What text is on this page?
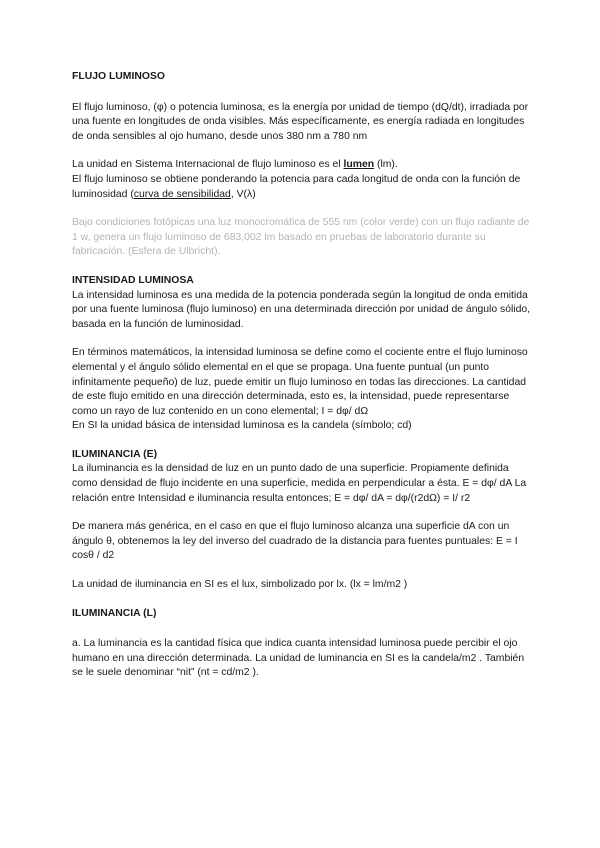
FLUJO LUMINOSO

El flujo luminoso, (φ) o potencia luminosa, es la energía por unidad de tiempo (dQ/dt), irradiada por una fuente en longitudes de onda visibles. Más específicamente, es energía radiada en longitudes de onda sensibles al ojo humano, desde unos 380 nm a 780 nm

La unidad en Sistema Internacional de flujo luminoso es el lumen (lm).

El flujo luminoso se obtiene ponderando la potencia para cada longitud de onda con la función de luminosidad (curva de sensibilidad, V(λ)

Bajo condiciones fotópicas una luz monocromática de 555 nm (color verde) con un flujo radiante de 1 w, genera un flujo luminoso de 683,002 lm basado en pruebas de laboratorio durante su fabricación. (Esfera de Ulbricht).

INTENSIDAD LUMINOSA

La intensidad luminosa es una medida de la potencia ponderada según la longitud de onda emitida por una fuente luminosa (flujo luminoso) en una determinada dirección por unidad de ángulo sólido, basada en la función de luminosidad.

En términos matemáticos, la intensidad luminosa se define como el cociente entre el flujo luminoso elemental y el ángulo sólido elemental en el que se propaga. Una fuente puntual (un punto infinitamente pequeño) de luz, puede emitir un flujo luminoso en todas las direcciones. La cantidad de este flujo emitido en una dirección determinada, esto es, la intensidad, puede representarse como un rayo de luz contenido en un cono elemental; I = dφ/ dΩ

En SI la unidad básica de intensidad luminosa es la candela (símbolo; cd)

ILUMINANCIA (E)

La iluminancia es la densidad de luz en un punto dado de una superficie. Propiamente definida como densidad de flujo incidente en una superficie, medida en perpendicular a ésta. E = dφ/ dA La relación entre Intensidad e iluminancia resulta entonces; E = dφ/ dA = dφ/(r2dΩ) = I/ r2

De manera más genérica, en el caso en que el flujo luminoso alcanza una superficie dA con un ángulo θ, obtenemos la ley del inverso del cuadrado de la distancia para fuentes puntuales: E = I cosθ / d2

La unidad de iluminancia en SI es el lux, simbolizado por lx. (lx = lm/m2 )

ILUMINANCIA (L)

a. La luminancia es la cantidad física que indica cuanta intensidad luminosa puede percibir el ojo humano en una dirección determinada. La unidad de luminancia en SI es la candela/m2 . También se le suele denominar “nit” (nt = cd/m2 ).
